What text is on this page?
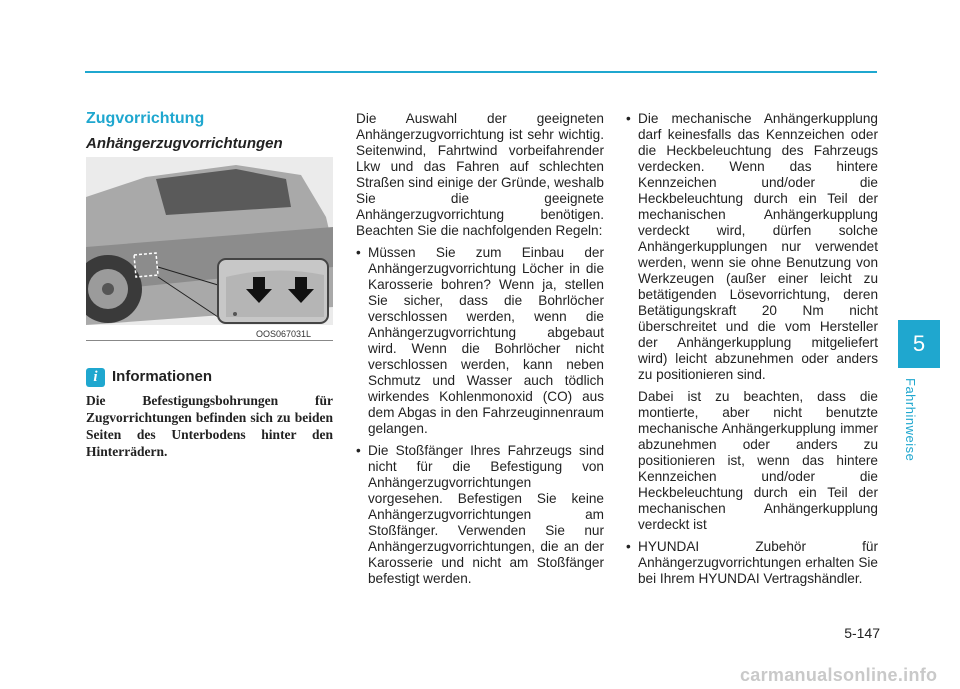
Zugvorrichtung
Anhängerzugvorrichtungen
OOS067031L
i Informationen
Die Befestigungsbohrungen für Zugvorrichtungen befinden sich zu beiden Seiten des Unterbodens hinter den Hinterrädern.

Die Auswahl der geeigneten Anhängerzugvorrichtung ist sehr wichtig. Seitenwind, Fahrtwind vorbeifahrender Lkw und das Fahren auf schlechten Straßen sind einige der Gründe, weshalb Sie die geeignete Anhängerzugvorrichtung benötigen. Beachten Sie die nachfolgenden Regeln:

• Müssen Sie zum Einbau der Anhängerzugvorrichtung Löcher in die Karosserie bohren? Wenn ja, stellen Sie sicher, dass die Bohrlöcher verschlossen werden, wenn die Anhängerzugvorrichtung abgebaut wird. Wenn die Bohrlöcher nicht verschlossen werden, kann neben Schmutz und Wasser auch tödlich wirkendes Kohlenmonoxid (CO) aus dem Abgas in den Fahrzeuginnenraum gelangen.
• Die Stoßfänger Ihres Fahrzeugs sind nicht für die Befestigung von Anhängerzugvorrichtungen vorgesehen. Befestigen Sie keine Anhängerzugvorrichtungen am Stoßfänger. Verwenden Sie nur Anhängerzugvorrichtungen, die an der Karosserie und nicht am Stoßfänger befestigt werden.
• Die mechanische Anhängerkupplung darf keinesfalls das Kennzeichen oder die Heckbeleuchtung des Fahrzeugs verdecken. Wenn das hintere Kennzeichen und/oder die Heckbeleuchtung durch ein Teil der mechanischen Anhängerkupplung verdeckt wird, dürfen solche Anhängerkupplungen nur verwendet werden, wenn sie ohne Benutzung von Werkzeugen (außer einer leicht zu betätigenden Lösevorrichtung, deren Betätigungskraft 20 Nm nicht überschreitet und die vom Hersteller der Anhängerkupplung mitgeliefert wird) leicht abzunehmen oder anders zu positionieren sind.

Dabei ist zu beachten, dass die montierte, aber nicht benutzte mechanische Anhängerkupplung immer abzunehmen oder anders zu positionieren ist, wenn das hintere Kennzeichen und/oder die Heckbeleuchtung durch ein Teil der mechanischen Anhängerkupplung verdeckt ist

• HYUNDAI Zubehör für Anhängerzugvorrichtungen erhalten Sie bei Ihrem HYUNDAI Vertragshändler.
5
Fahrhinweise
5-147
carmanualsonline.info
